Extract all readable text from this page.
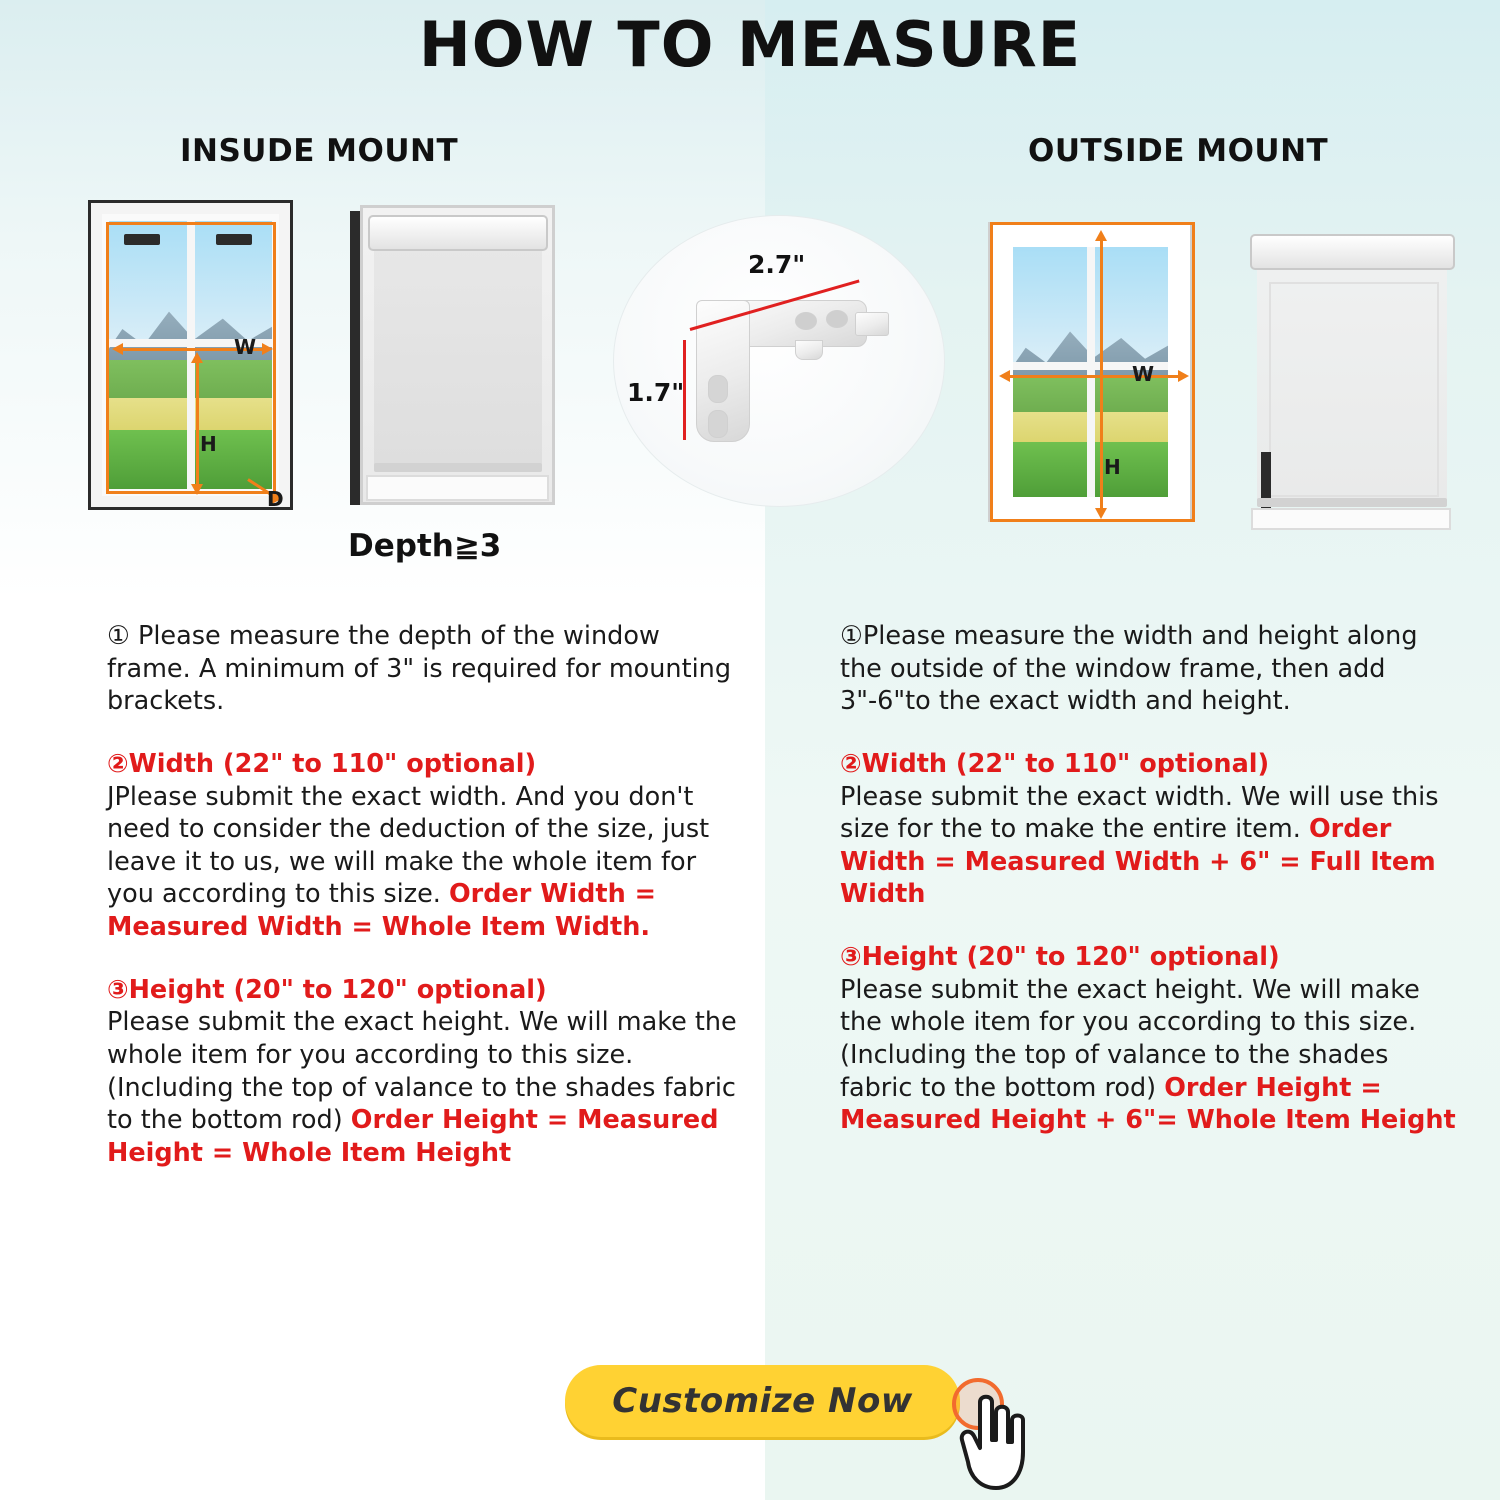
HOW TO MEASURE
INSUDE MOUNT
W
H
D
Depth≧3
2.7"
1.7"
OUTSIDE MOUNT
W
H

① Please measure the depth of the window frame. A minimum of 3" is required for mounting brackets.

②Width (22" to 110" optional)
JPlease submit the exact width. And you don't need to consider the deduction of the size, just leave it to us, we will make the whole item for you according to this size. Order Width = Measured Width = Whole Item Width.

③Height (20" to 120" optional)
Please submit the exact height. We will make the whole item for you according to this size. (Including the top of valance to the shades fabric to the bottom rod) Order Height = Measured Height = Whole Item Height

①Please measure the width and height along the outside of the window frame, then add 3"-6"to the exact width and height.

②Width (22" to 110" optional)
Please submit the exact width. We will use this size for the to make the entire item. Order Width = Measured Width + 6" = Full Item Width

③Height (20" to 120" optional)
Please submit the exact height. We will make the whole item for you according to this size. (Including the top of valance to the shades fabric to the bottom rod) Order Height = Measured Height + 6"= Whole Item Height

Customize Now
